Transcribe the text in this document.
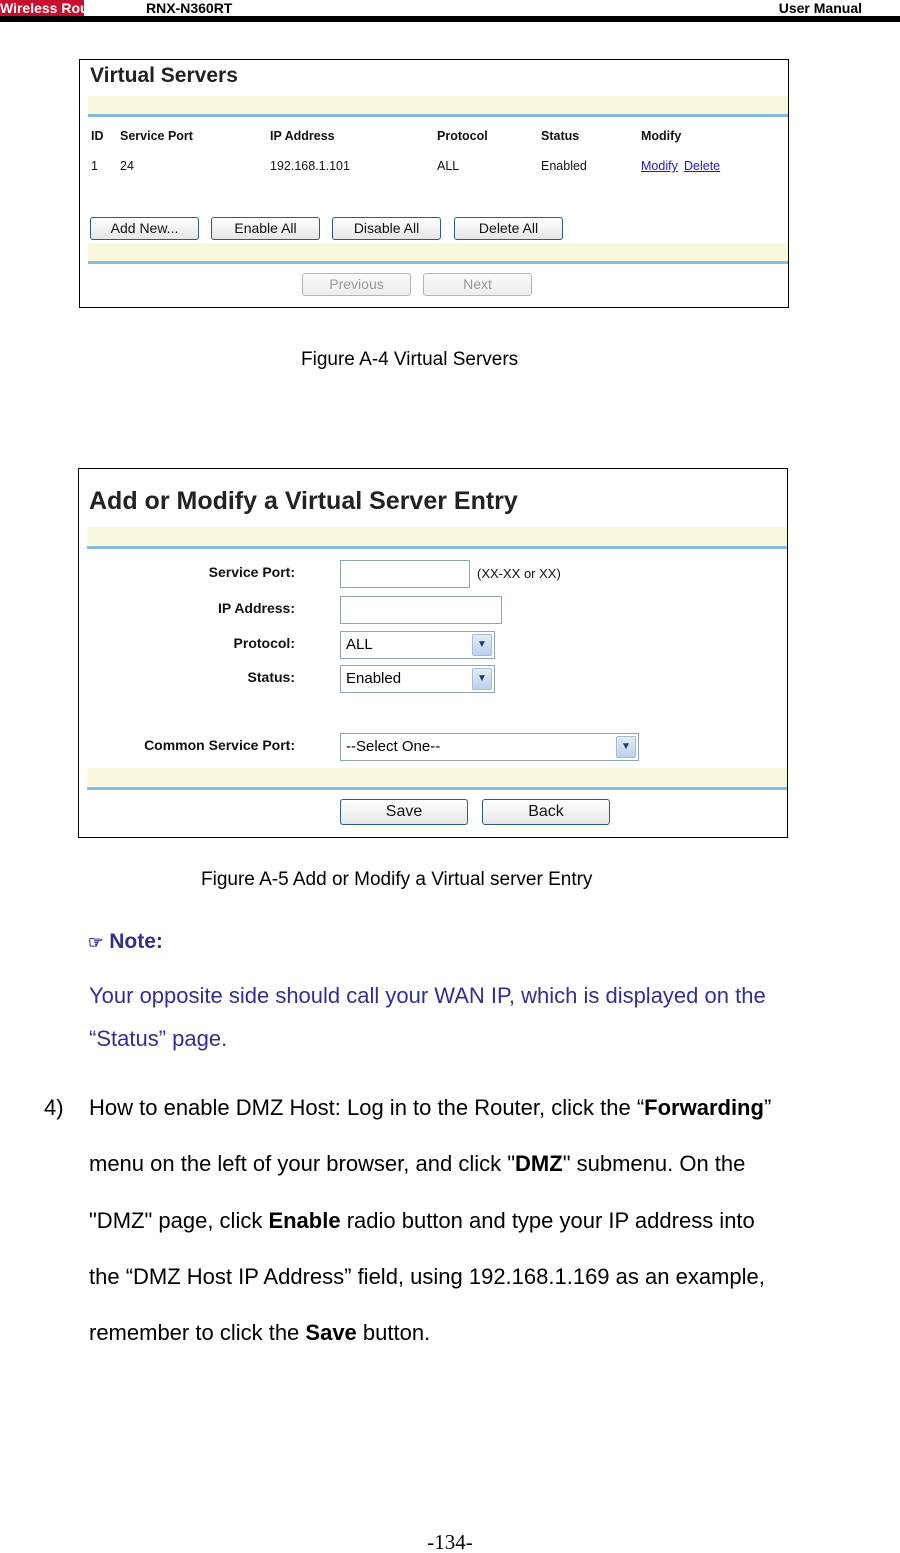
Wireless Router	RNX-N360RT	User Manual
Virtual Servers
ID Service Port	IP Address	Protocol	Status	Modify
1 24	192.168.1.101	ALL	Enabled	Modify Delete
Add New...	Enable All	Disable All	Delete All
Previous	Next
Figure A-4 Virtual Servers
Add or Modify a Virtual Server Entry
Service Port:	(XX-XX or XX)
IP Address:
Protocol:	ALL	▼
Status:	Enabled	▼
Common Service Port:	--Select One--	▼
Save	Back
Figure A-5 Add or Modify a Virtual server Entry
☞ Note:
Your opposite side should call your WAN IP, which is displayed on the
“Status” page.
4) How to enable DMZ Host: Log in to the Router, click the “Forwarding”
menu on the left of your browser, and click "DMZ" submenu. On the
"DMZ" page, click Enable radio button and type your IP address into
the “DMZ Host IP Address” field, using 192.168.1.169 as an example,
remember to click the Save button.
-134-
